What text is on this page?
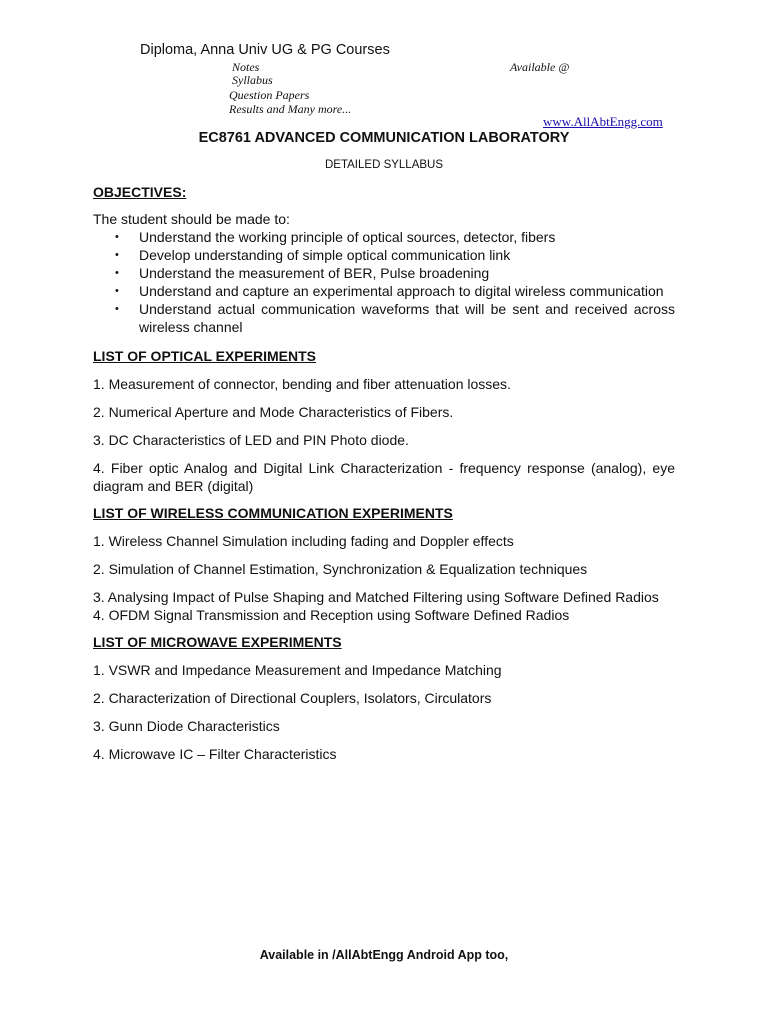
Diploma, Anna Univ UG & PG Courses
Notes
Syllabus
Question Papers
Results and Many more...
Available @
www.AllAbtEngg.com
EC8761 ADVANCED COMMUNICATION LABORATORY
DETAILED SYLLABUS

OBJECTIVES:

The student should be made to:

• Understand the working principle of optical sources, detector, fibers
• Develop understanding of simple optical communication link
• Understand the measurement of BER, Pulse broadening
• Understand and capture an experimental approach to digital wireless communication
• Understand actual communication waveforms that will be sent and received across wireless channel

LIST OF OPTICAL EXPERIMENTS

1. Measurement of connector, bending and fiber attenuation losses.

2. Numerical Aperture and Mode Characteristics of Fibers.

3. DC Characteristics of LED and PIN Photo diode.

4. Fiber optic Analog and Digital Link Characterization - frequency response (analog), eye diagram and BER (digital)

LIST OF WIRELESS COMMUNICATION EXPERIMENTS

1. Wireless Channel Simulation including fading and Doppler effects

2. Simulation of Channel Estimation, Synchronization & Equalization techniques

3. Analysing Impact of Pulse Shaping and Matched Filtering using Software Defined Radios

4. OFDM Signal Transmission and Reception using Software Defined Radios

LIST OF MICROWAVE EXPERIMENTS

1. VSWR and Impedance Measurement and Impedance Matching

2. Characterization of Directional Couplers, Isolators, Circulators

3. Gunn Diode Characteristics

4. Microwave IC – Filter Characteristics

Available in /AllAbtEngg Android App too,
